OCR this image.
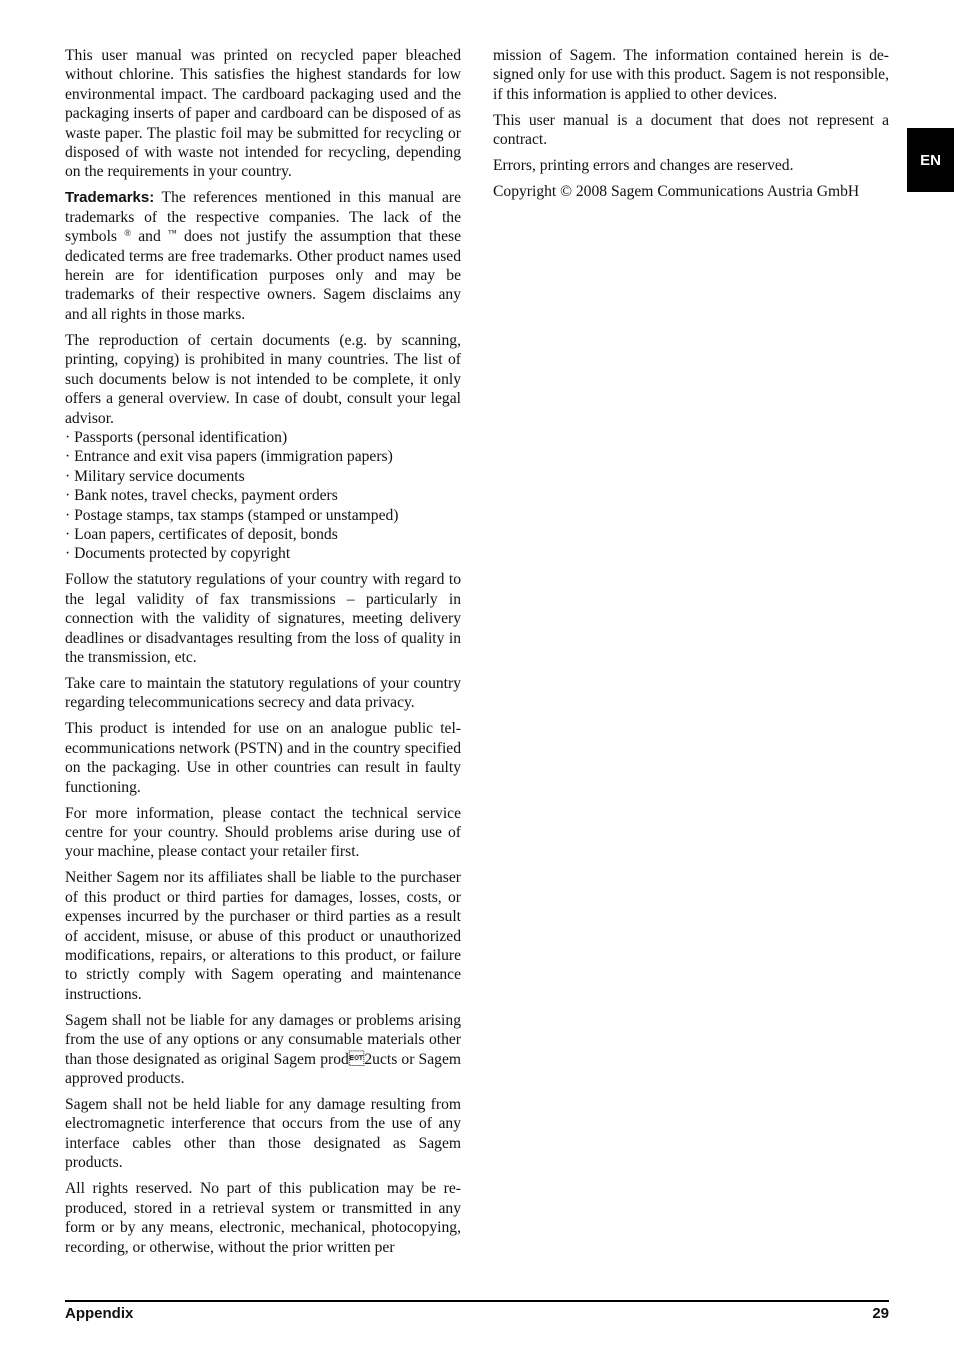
This user manual was printed on recycled paper bleached without chlorine. This satisfies the highest standards for low environmental impact. The cardboard packaging used and the packaging inserts of paper and cardboard can be disposed of as waste paper. The plastic foil may be submitted for recycling or disposed of with waste not intended for recycling, depending on the requirements in your country.

Trademarks: The references mentioned in this manual are trademarks of the respective companies. The lack of the symbols ® and ™ does not justify the assumption that these dedicated terms are free trademarks. Other product names used herein are for identification purposes only and may be trademarks of their respective owners. Sagem disclaims any and all rights in those marks.

The reproduction of certain documents (e.g. by scanning, printing, copying) is prohibited in many countries. The list of such documents below is not intended to be complete, it only offers a general overview. In case of doubt, consult your legal advisor.

· Passports (personal identification)
· Entrance and exit visa papers (immigration papers)
· Military service documents
· Bank notes, travel checks, payment orders
· Postage stamps, tax stamps (stamped or unstamped)
· Loan papers, certificates of deposit, bonds
· Documents protected by copyright

Follow the statutory regulations of your country with regard to the legal validity of fax transmissions – particularly in connection with the validity of signatures, meeting delivery deadlines or disadvantages resulting from the loss of quality in the transmission, etc.

Take care to maintain the statutory regulations of your country regarding telecommunications secrecy and data privacy.

This product is intended for use on an analogue public telecommunications network (PSTN) and in the country specified on the packaging. Use in other countries can result in faulty functioning.

For more information, please contact the technical service centre for your country. Should problems arise during use of your machine, please contact your retailer first.

Neither Sagem nor its affiliates shall be liable to the purchaser of this product or third parties for damages, losses, costs, or expenses incurred by the purchaser or third parties as a result of accident, misuse, or abuse of this product or unauthorized modifications, repairs, or alterations to this product, or failure to strictly comply with Sagem operating and maintenance instructions.

Sagem shall not be liable for any damages or problems arising from the use of any options or any consumable materials other than those designated as original Sagem prod2ucts or Sagem approved products.

Sagem shall not be held liable for any damage resulting from electromagnetic interference that occurs from the use of any interface cables other than those designated as Sagem products.

All rights reserved. No part of this publication may be reproduced, stored in a retrieval system or transmitted in any form or by any means, electronic, mechanical, photocopying, recording, or otherwise, without the prior written per

mission of Sagem. The information contained herein is designed only for use with this product. Sagem is not responsible, if this information is applied to other devices.

This user manual is a document that does not represent a contract.

Errors, printing errors and changes are reserved.

Copyright © 2008 Sagem Communications Austria GmbH

EN
Appendix	29
